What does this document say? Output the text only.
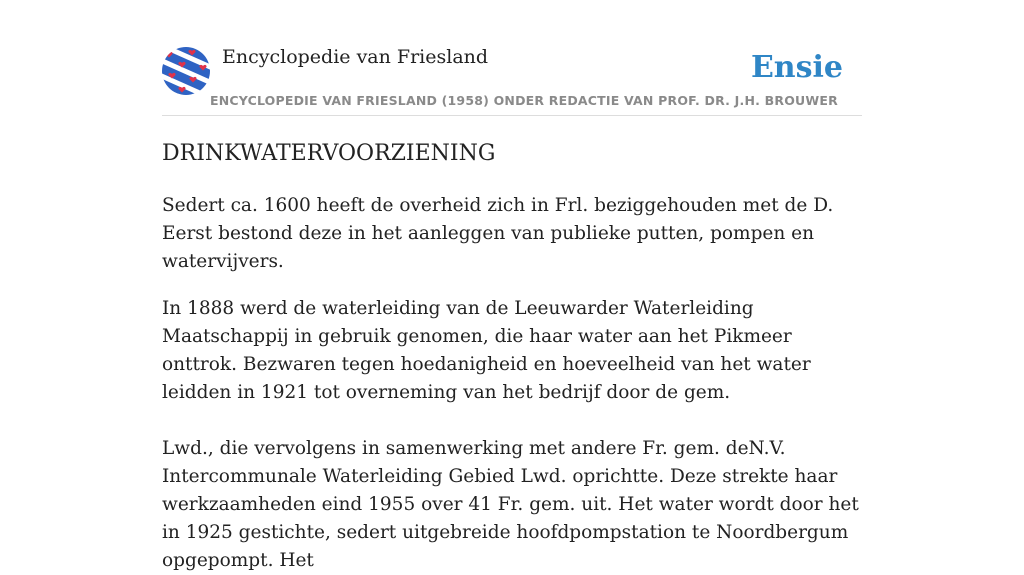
Encyclopedie van Friesland	Ensie
ENCYCLOPEDIE VAN FRIESLAND (1958) ONDER REDACTIE VAN PROF. DR. J.H. BROUWER
DRINKWATERVOORZIENING

Sedert ca. 1600 heeft de overheid zich in Frl. beziggehouden met de D. Eerst bestond deze in het aanleggen van publieke putten, pompen en watervijvers.

In 1888 werd de waterleiding van de Leeuwarder Waterleiding Maatschappij in gebruik genomen, die haar water aan het Pikmeer onttrok. Bezwaren tegen hoedanigheid en hoeveelheid van het water leidden in 1921 tot overneming van het bedrijf door de gem.

Lwd., die vervolgens in samenwerking met andere Fr. gem. deN.V. Intercommunale Waterleiding Gebied Lwd. oprichtte. Deze strekte haar werkzaamheden eind 1955 over 41 Fr. gem. uit. Het water wordt door het in 1925 gestichte, sedert uitgebreide hoofdpompstation te Noordbergum opgepompt. Het
